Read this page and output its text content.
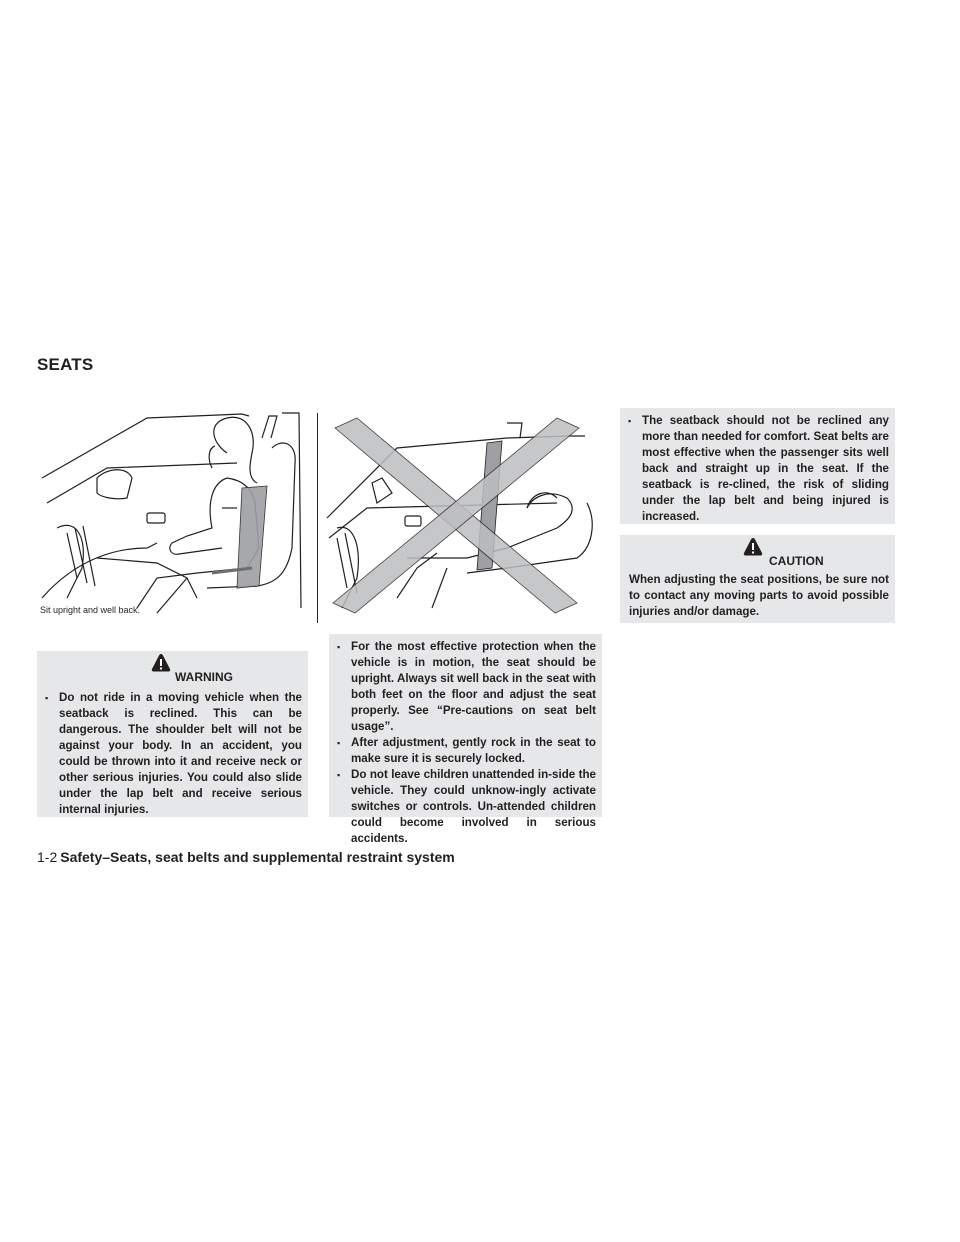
SEATS
Sit upright and well back.
WARNING
▪ Do not ride in a moving vehicle when the seatback is reclined. This can be dangerous. The shoulder belt will not be against your body. In an accident, you could be thrown into it and receive neck or other serious injuries. You could also slide under the lap belt and receive serious internal injuries.
▪ For the most effective protection when the vehicle is in motion, the seat should be upright. Always sit well back in the seat with both feet on the floor and adjust the seat properly. See “Pre-cautions on seat belt usage”.
▪ After adjustment, gently rock in the seat to make sure it is securely locked.
▪ Do not leave children unattended in-side the vehicle. They could unknow-ingly activate switches or controls. Un-attended children could become involved in serious accidents.
▪ The seatback should not be reclined any more than needed for comfort. Seat belts are most effective when the passenger sits well back and straight up in the seat. If the seatback is re-clined, the risk of sliding under the lap belt and being injured is increased.
CAUTION
When adjusting the seat positions, be sure not to contact any moving parts to avoid possible injuries and/or damage.
1-2 Safety–Seats, seat belts and supplemental restraint system
